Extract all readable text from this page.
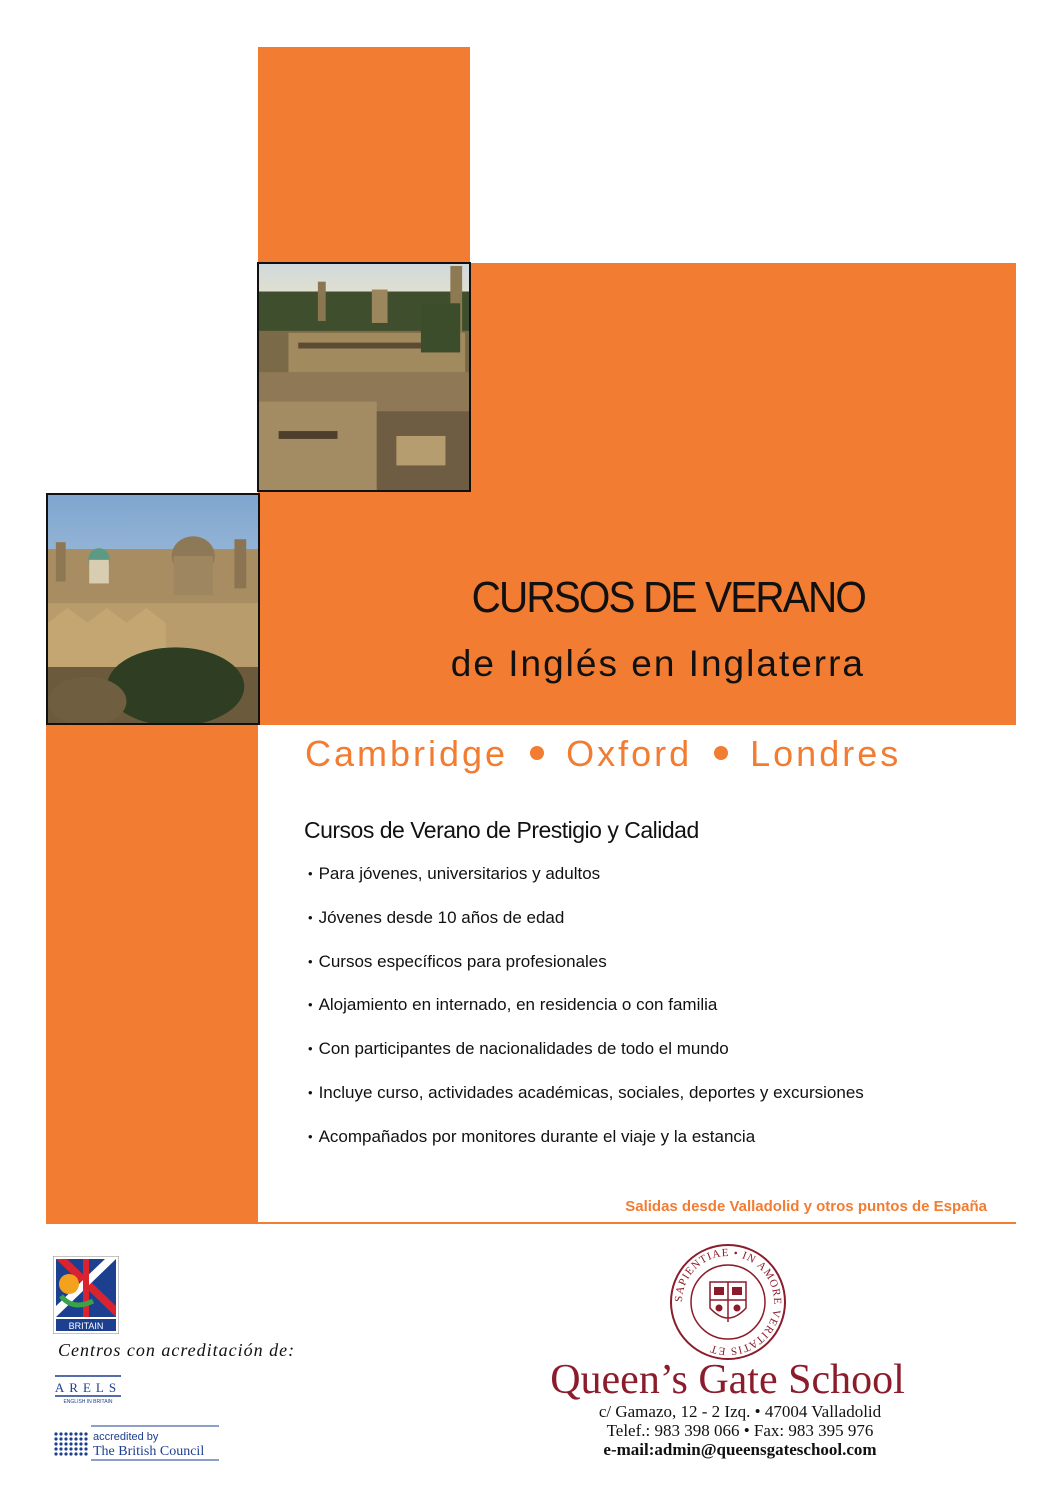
CURSOS DE VERANO
de Inglés en Inglaterra
Cambridge Oxford Londres
Cursos de Verano de Prestigio y Calidad
• Para jóvenes, universitarios y adultos
• Jóvenes desde 10 años de edad
• Cursos específicos para profesionales
• Alojamiento en internado, en residencia o con familia
• Con participantes de nacionalidades de todo el mundo
• Incluye curso, actividades académicas, sociales, deportes y excursiones
• Acompañados por monitores durante el viaje y la estancia
Salidas desde Valladolid y otros puntos de España
BRITAIN
Centros con acreditación de:
ARELS
ENGLISH IN BRITAIN
accredited by
The British Council
SAPIENTIAE • IN AMORE VERITATIS ET
Queen’s Gate School
c/ Gamazo, 12 - 2 Izq. • 47004 Valladolid
Telef.: 983 398 066 • Fax: 983 395 976
e-mail:admin@queensgateschool.com
